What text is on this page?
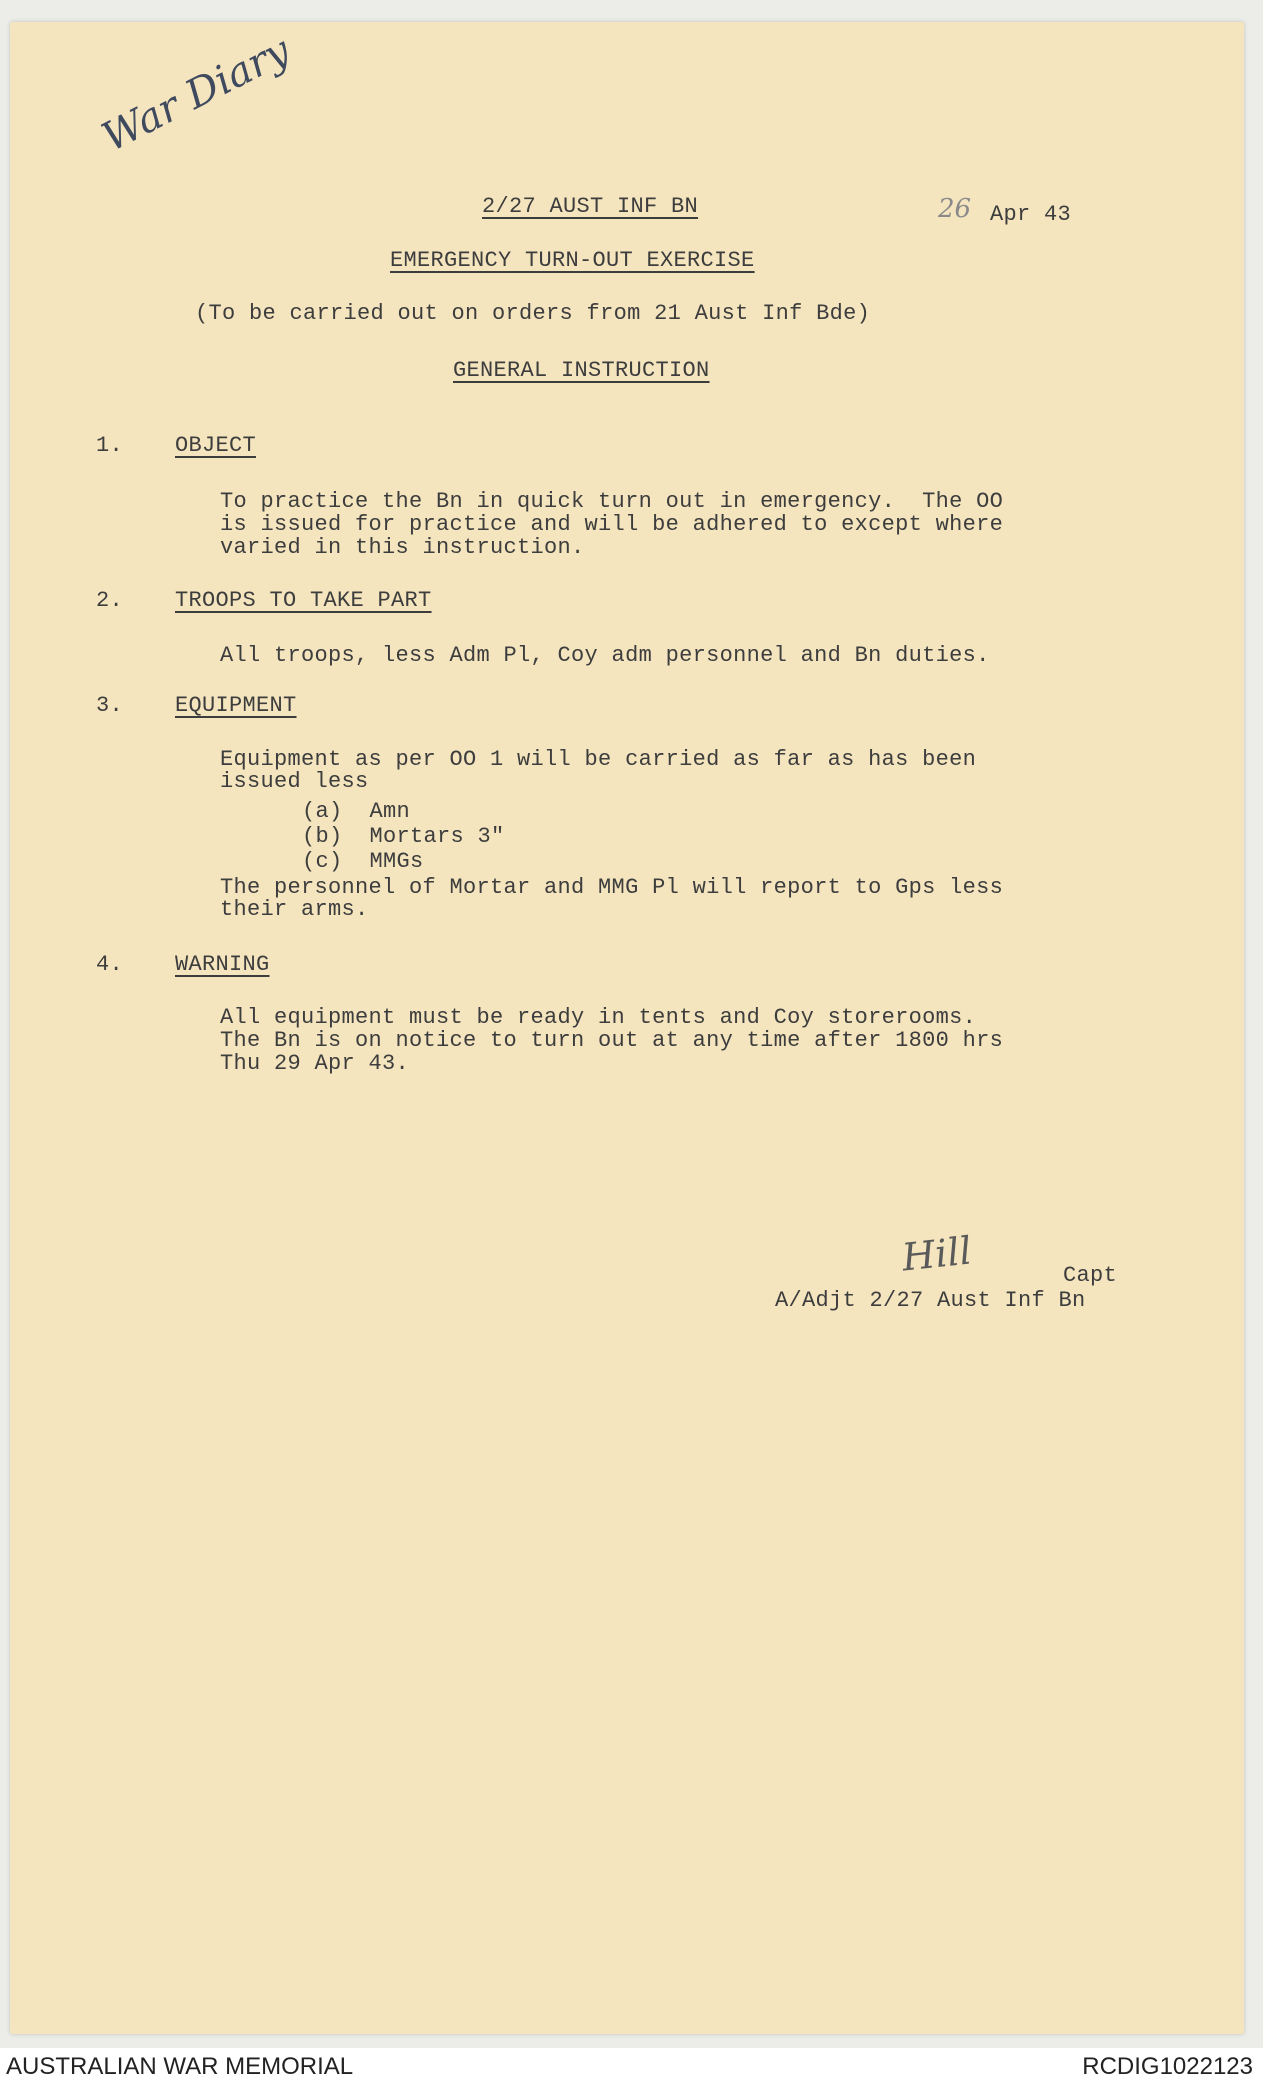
War Diary
2/27 AUST INF BN	26 Apr 43
EMERGENCY TURN-OUT EXERCISE
(To be carried out on orders from 21 Aust Inf Bde)
GENERAL INSTRUCTION
1. OBJECT
To practice the Bn in quick turn out in emergency.  The OO
is issued for practice and will be adhered to except where
varied in this instruction.
2. TROOPS TO TAKE PART
All troops, less Adm Pl, Coy adm personnel and Bn duties.
3. EQUIPMENT
Equipment as per OO 1 will be carried as far as has been
issued less
(a)  Amn
(b)  Mortars 3"
(c)  MMGs
The personnel of Mortar and MMG Pl will report to Gps less
their arms.
4. WARNING
All equipment must be ready in tents and Coy storerooms.
The Bn is on notice to turn out at any time after 1800 hrs
Thu 29 Apr 43.
Hill	Capt
A/Adjt 2/27 Aust Inf Bn
AUSTRALIAN WAR MEMORIAL	RCDIG1022123
